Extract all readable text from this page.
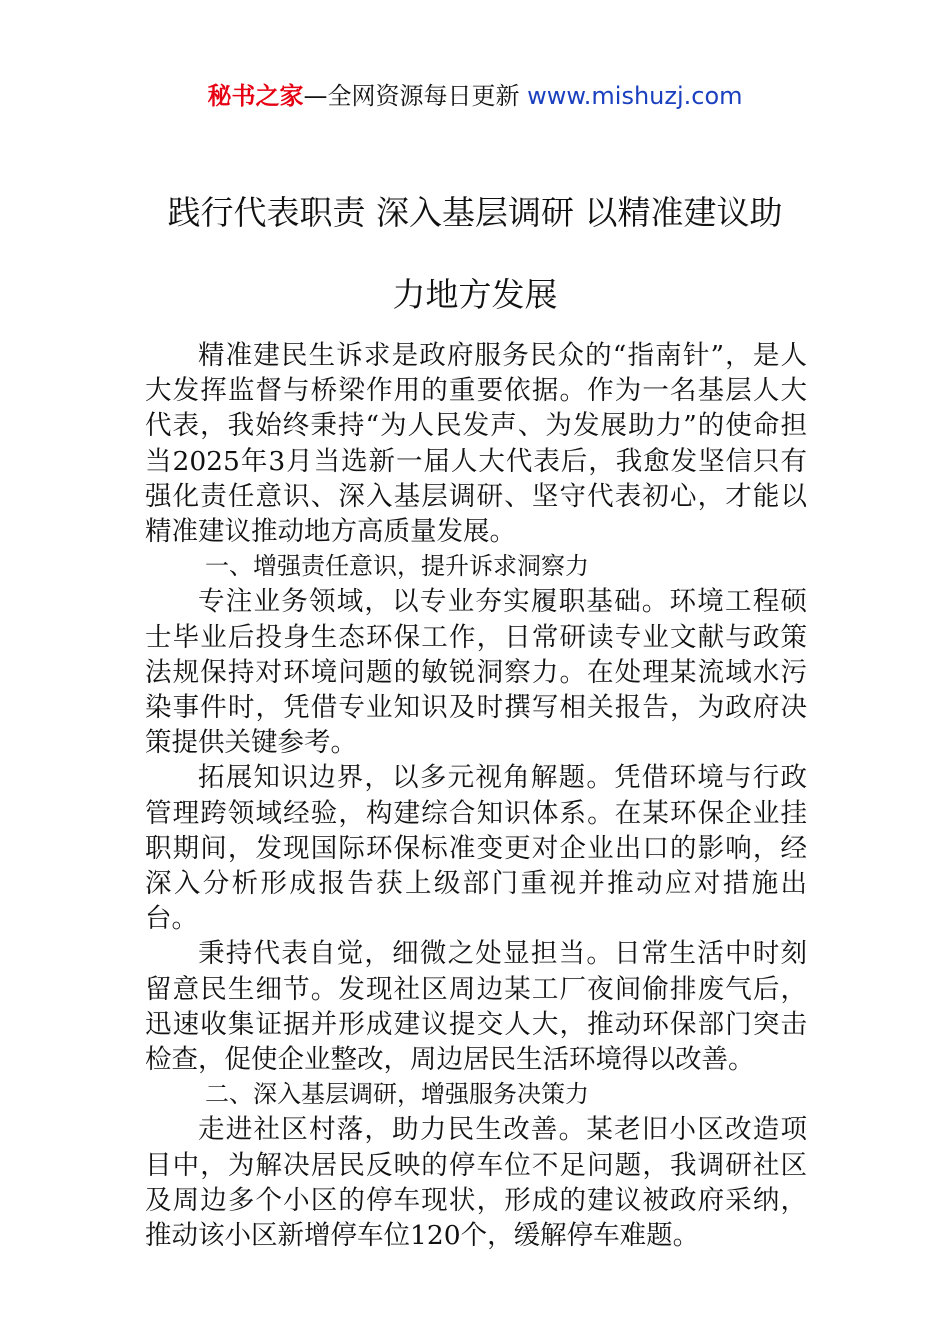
秘书之家—全网资源每日更新 www.mishuzj.com
践行代表职责 深入基层调研 以精准建议助
力地方发展

精准建民生诉求是政府服务民众的“指南针”，是人大发挥监督与桥梁作用的重要依据。作为一名基层人大代表，我始终秉持“为人民发声、为发展助力”的使命担当2025年3月当选新一届人大代表后，我愈发坚信只有强化责任意识、深入基层调研、坚守代表初心，才能以精准建议推动地方高质量发展。

一、增强责任意识，提升诉求洞察力

专注业务领域，以专业夯实履职基础。环境工程硕士毕业后投身生态环保工作，日常研读专业文献与政策法规保持对环境问题的敏锐洞察力。在处理某流域水污染事件时，凭借专业知识及时撰写相关报告，为政府决策提供关键参考。

拓展知识边界，以多元视角解题。凭借环境与行政管理跨领域经验，构建综合知识体系。在某环保企业挂职期间，发现国际环保标准变更对企业出口的影响，经深入分析形成报告获上级部门重视并推动应对措施出台。

秉持代表自觉，细微之处显担当。日常生活中时刻留意民生细节。发现社区周边某工厂夜间偷排废气后，迅速收集证据并形成建议提交人大，推动环保部门突击检查，促使企业整改，周边居民生活环境得以改善。

二、深入基层调研，增强服务决策力

走进社区村落，助力民生改善。某老旧小区改造项目中，为解决居民反映的停车位不足问题，我调研社区及周边多个小区的停车现状，形成的建议被政府采纳，推动该小区新增停车位120个，缓解停车难题。
